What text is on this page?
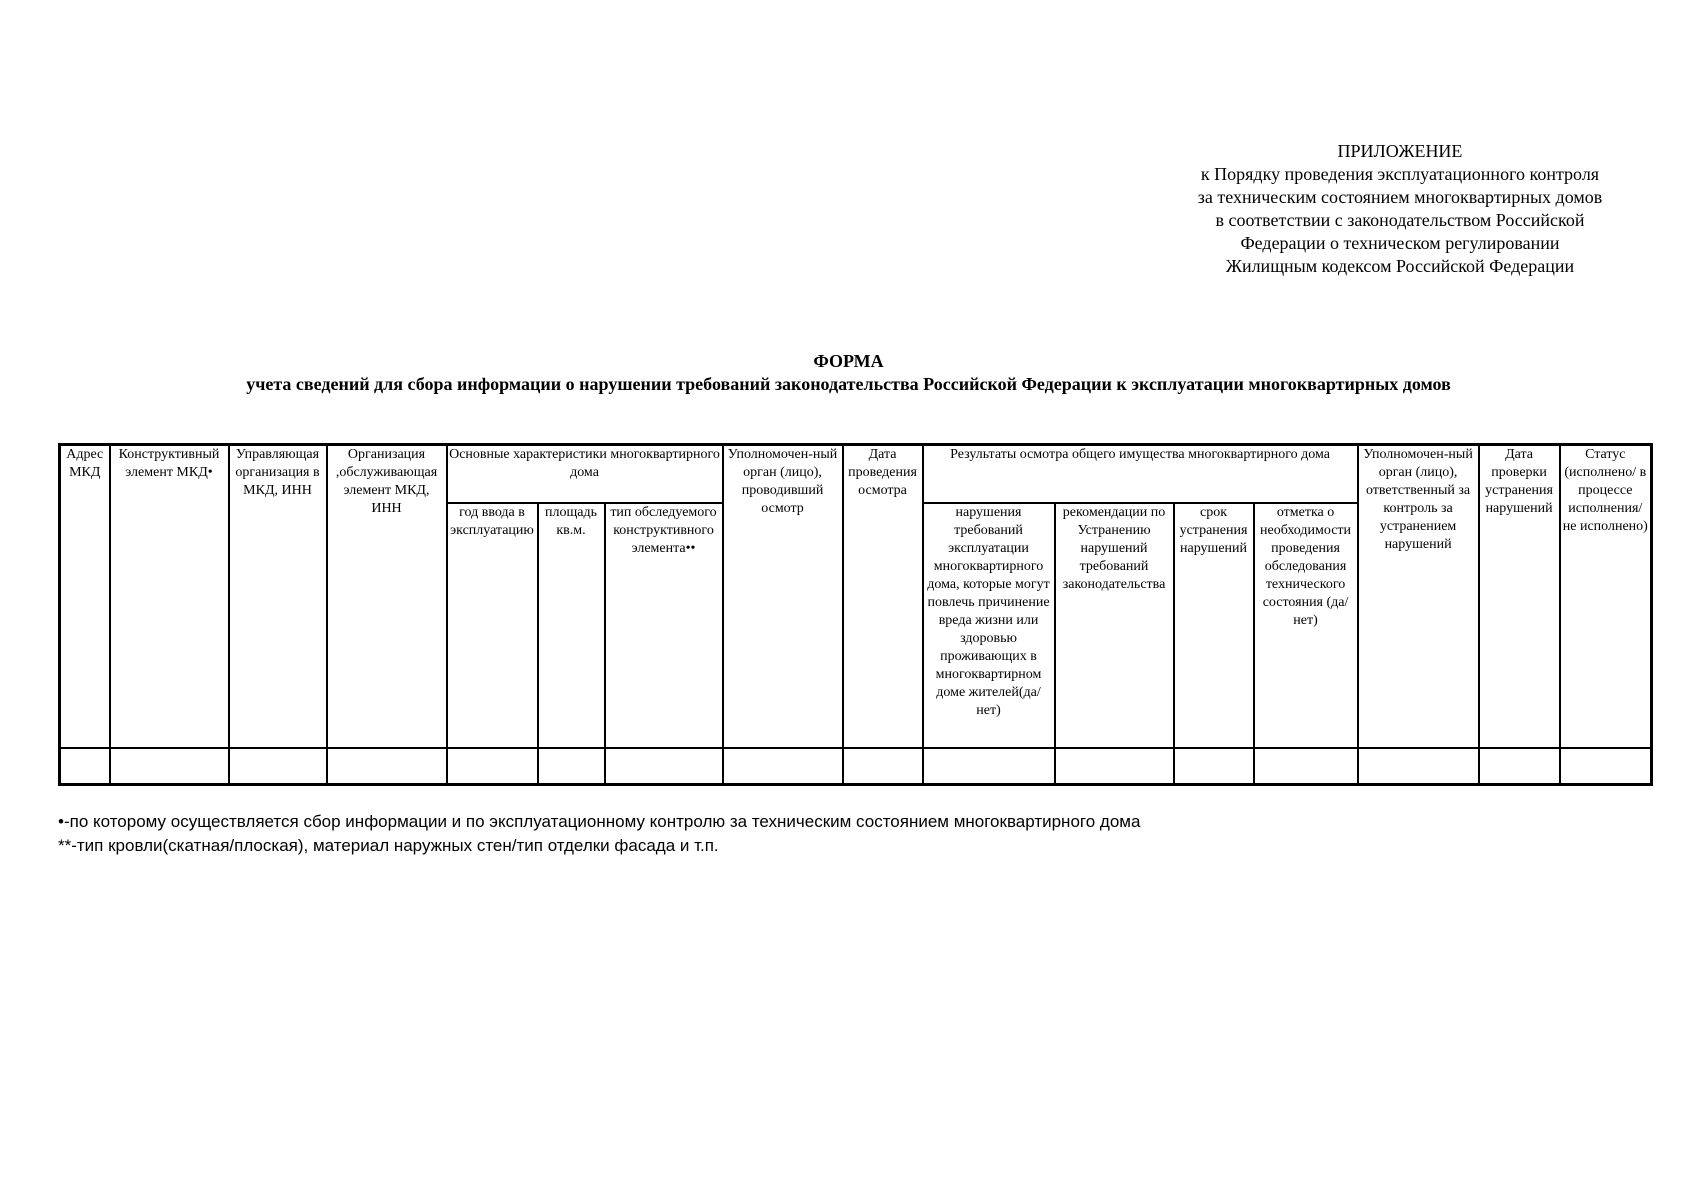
ПРИЛОЖЕНИЕ
к Порядку проведения эксплуатационного контроля
за техническим состоянием многоквартирных домов
в соответствии с законодательством Российской
Федерации о техническом регулировании
Жилищным кодексом Российской Федерации
ФОРМА
учета сведений для сбора информации о нарушении требований законодательства Российской Федерации к эксплуатации многоквартирных домов
Адрес МКД	Конструктивный элемент МКД•	Управляющая организация в МКД, ИНН	Организация ,обслуживающая элемент МКД, ИНН	Основные характеристики многоквартирного дома			Уполномочен-ный орган (лицо), проводивший осмотр	Дата проведения осмотра	Результаты осмотра общего имущества многоквартирного дома				Уполномочен-ный орган (лицо), ответственный за контроль за устранением нарушений	Дата проверки устранения нарушений	Статус (исполнено/ в процессе исполнения/ не исполнено)
				год ввода в эксплуатацию	площадь кв.м.	тип обследуемого конструктивного элемента••			нарушения требований эксплуатации многоквартирного дома, которые могут повлечь причинение вреда жизни или здоровью проживающих в многоквартирном доме жителей(да/нет)	рекомендации по Устранению нарушений требований законодательства	срок устранения нарушений	отметка о необходимости проведения обследования технического состояния (да/нет)			

•-по которому осуществляется сбор информации и по эксплуатационному контролю за техническим состоянием многоквартирного дома
**-тип кровли(скатная/плоская), материал наружных стен/тип отделки фасада и т.п.
